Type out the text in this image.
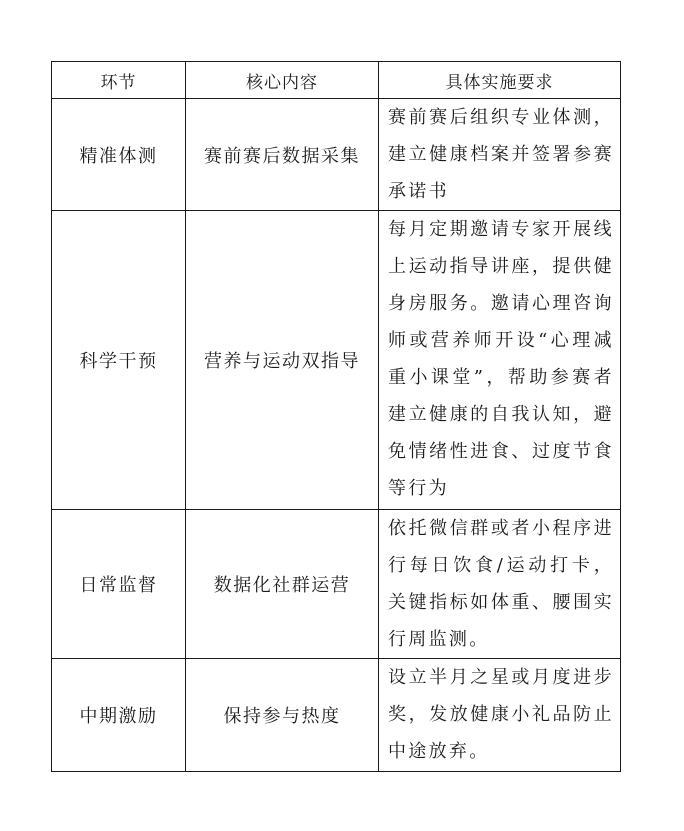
环节	核心内容	具体实施要求
精准体测	赛前赛后数据采集	赛前赛后组织专业体测，建立健康档案并签署参赛承诺书
科学干预	营养与运动双指导	每月定期邀请专家开展线上运动指导讲座，提供健身房服务。邀请心理咨询师或营养师开设“心理减重小课堂”，帮助参赛者建立健康的自我认知，避免情绪性进食、过度节食等行为
日常监督	数据化社群运营	依托微信群或者小程序进行每日饮食/运动打卡，关键指标如体重、腰围实行周监测。
中期激励	保持参与热度	设立半月之星或月度进步奖，发放健康小礼品防止中途放弃。
